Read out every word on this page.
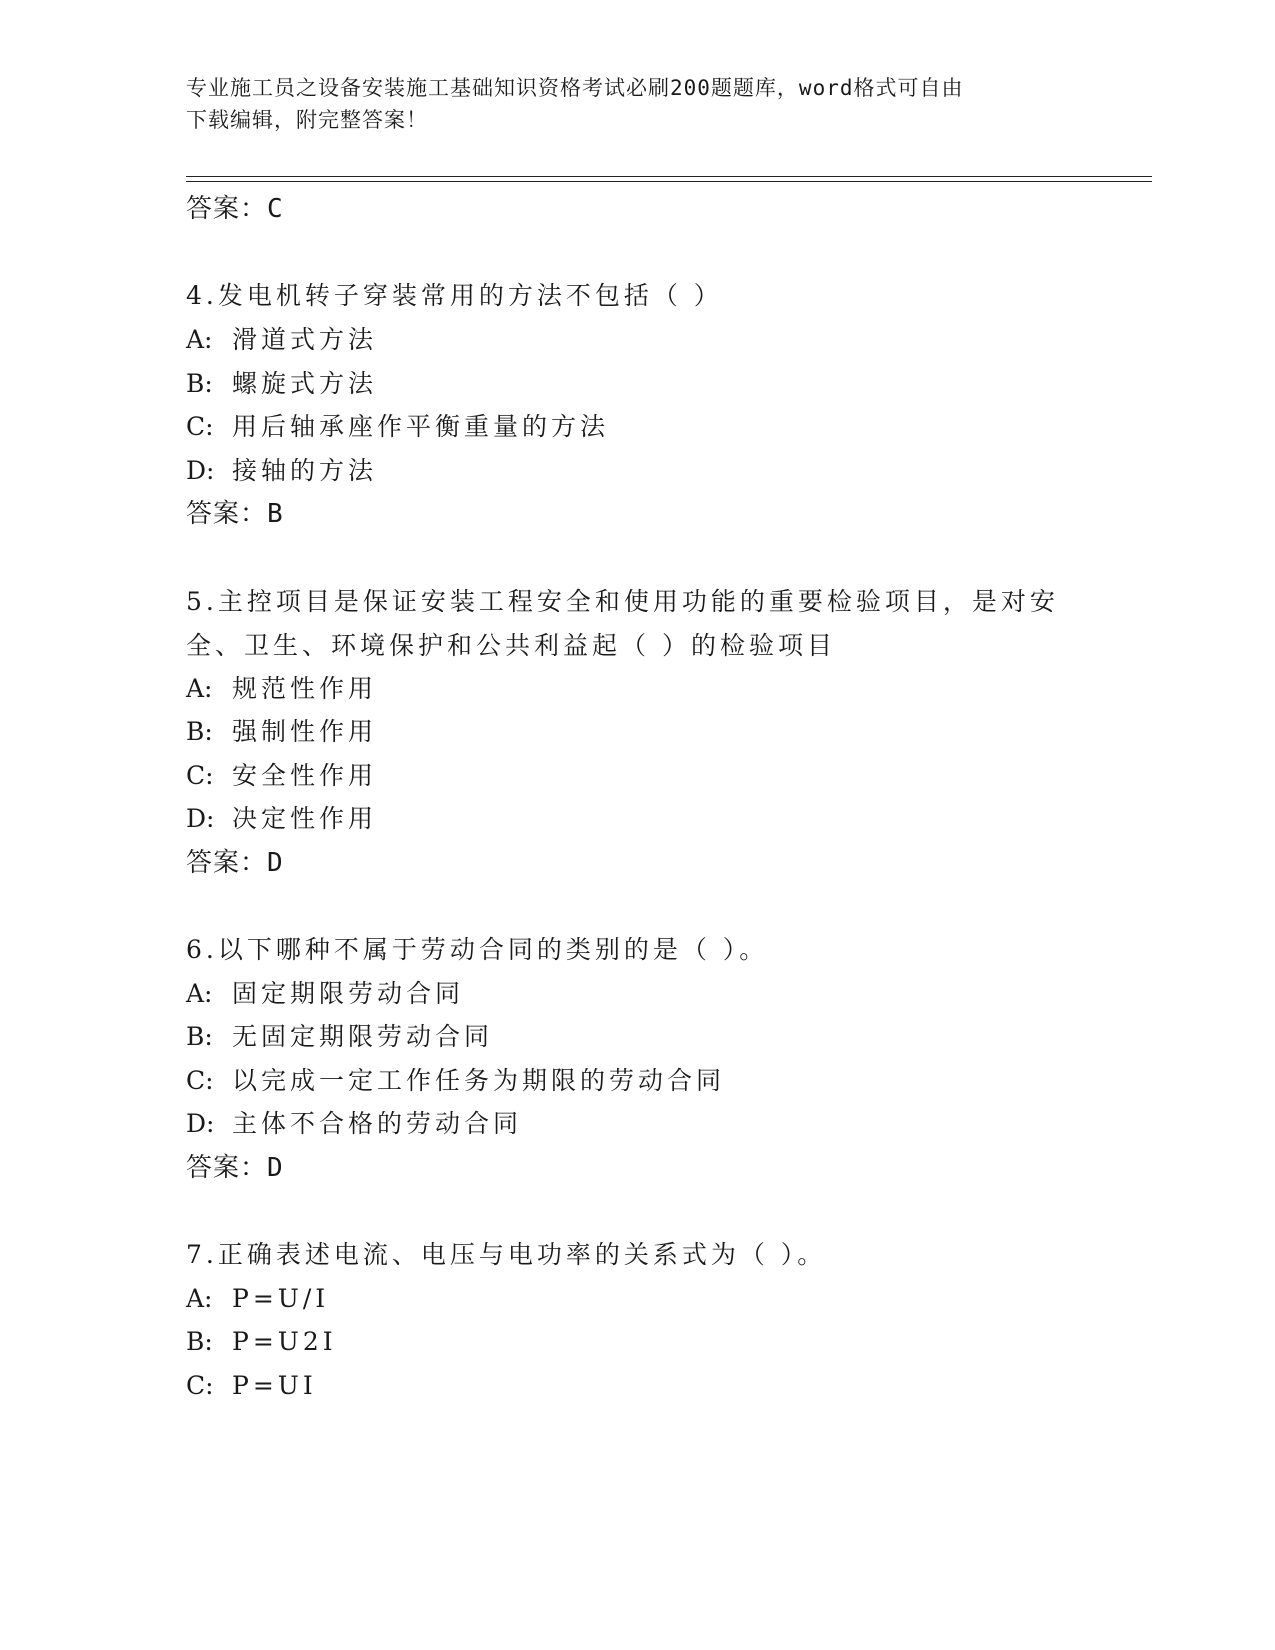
专业施工员之设备安装施工基础知识资格考试必刷200题题库，word格式可自由
下载编辑，附完整答案！
答案：C
4.发电机转子穿装常用的方法不包括（ ）
A: 滑道式方法
B: 螺旋式方法
C: 用后轴承座作平衡重量的方法
D: 接轴的方法
答案：B
5.主控项目是保证安装工程安全和使用功能的重要检验项目，是对安
全、卫生、环境保护和公共利益起（ ）的检验项目
A: 规范性作用
B: 强制性作用
C: 安全性作用
D: 决定性作用
答案：D
6.以下哪种不属于劳动合同的类别的是（ ）。
A: 固定期限劳动合同
B: 无固定期限劳动合同
C: 以完成一定工作任务为期限的劳动合同
D: 主体不合格的劳动合同
答案：D
7.正确表述电流、电压与电功率的关系式为（ ）。
A: P=U/I
B: P=U2I
C: P=UI
